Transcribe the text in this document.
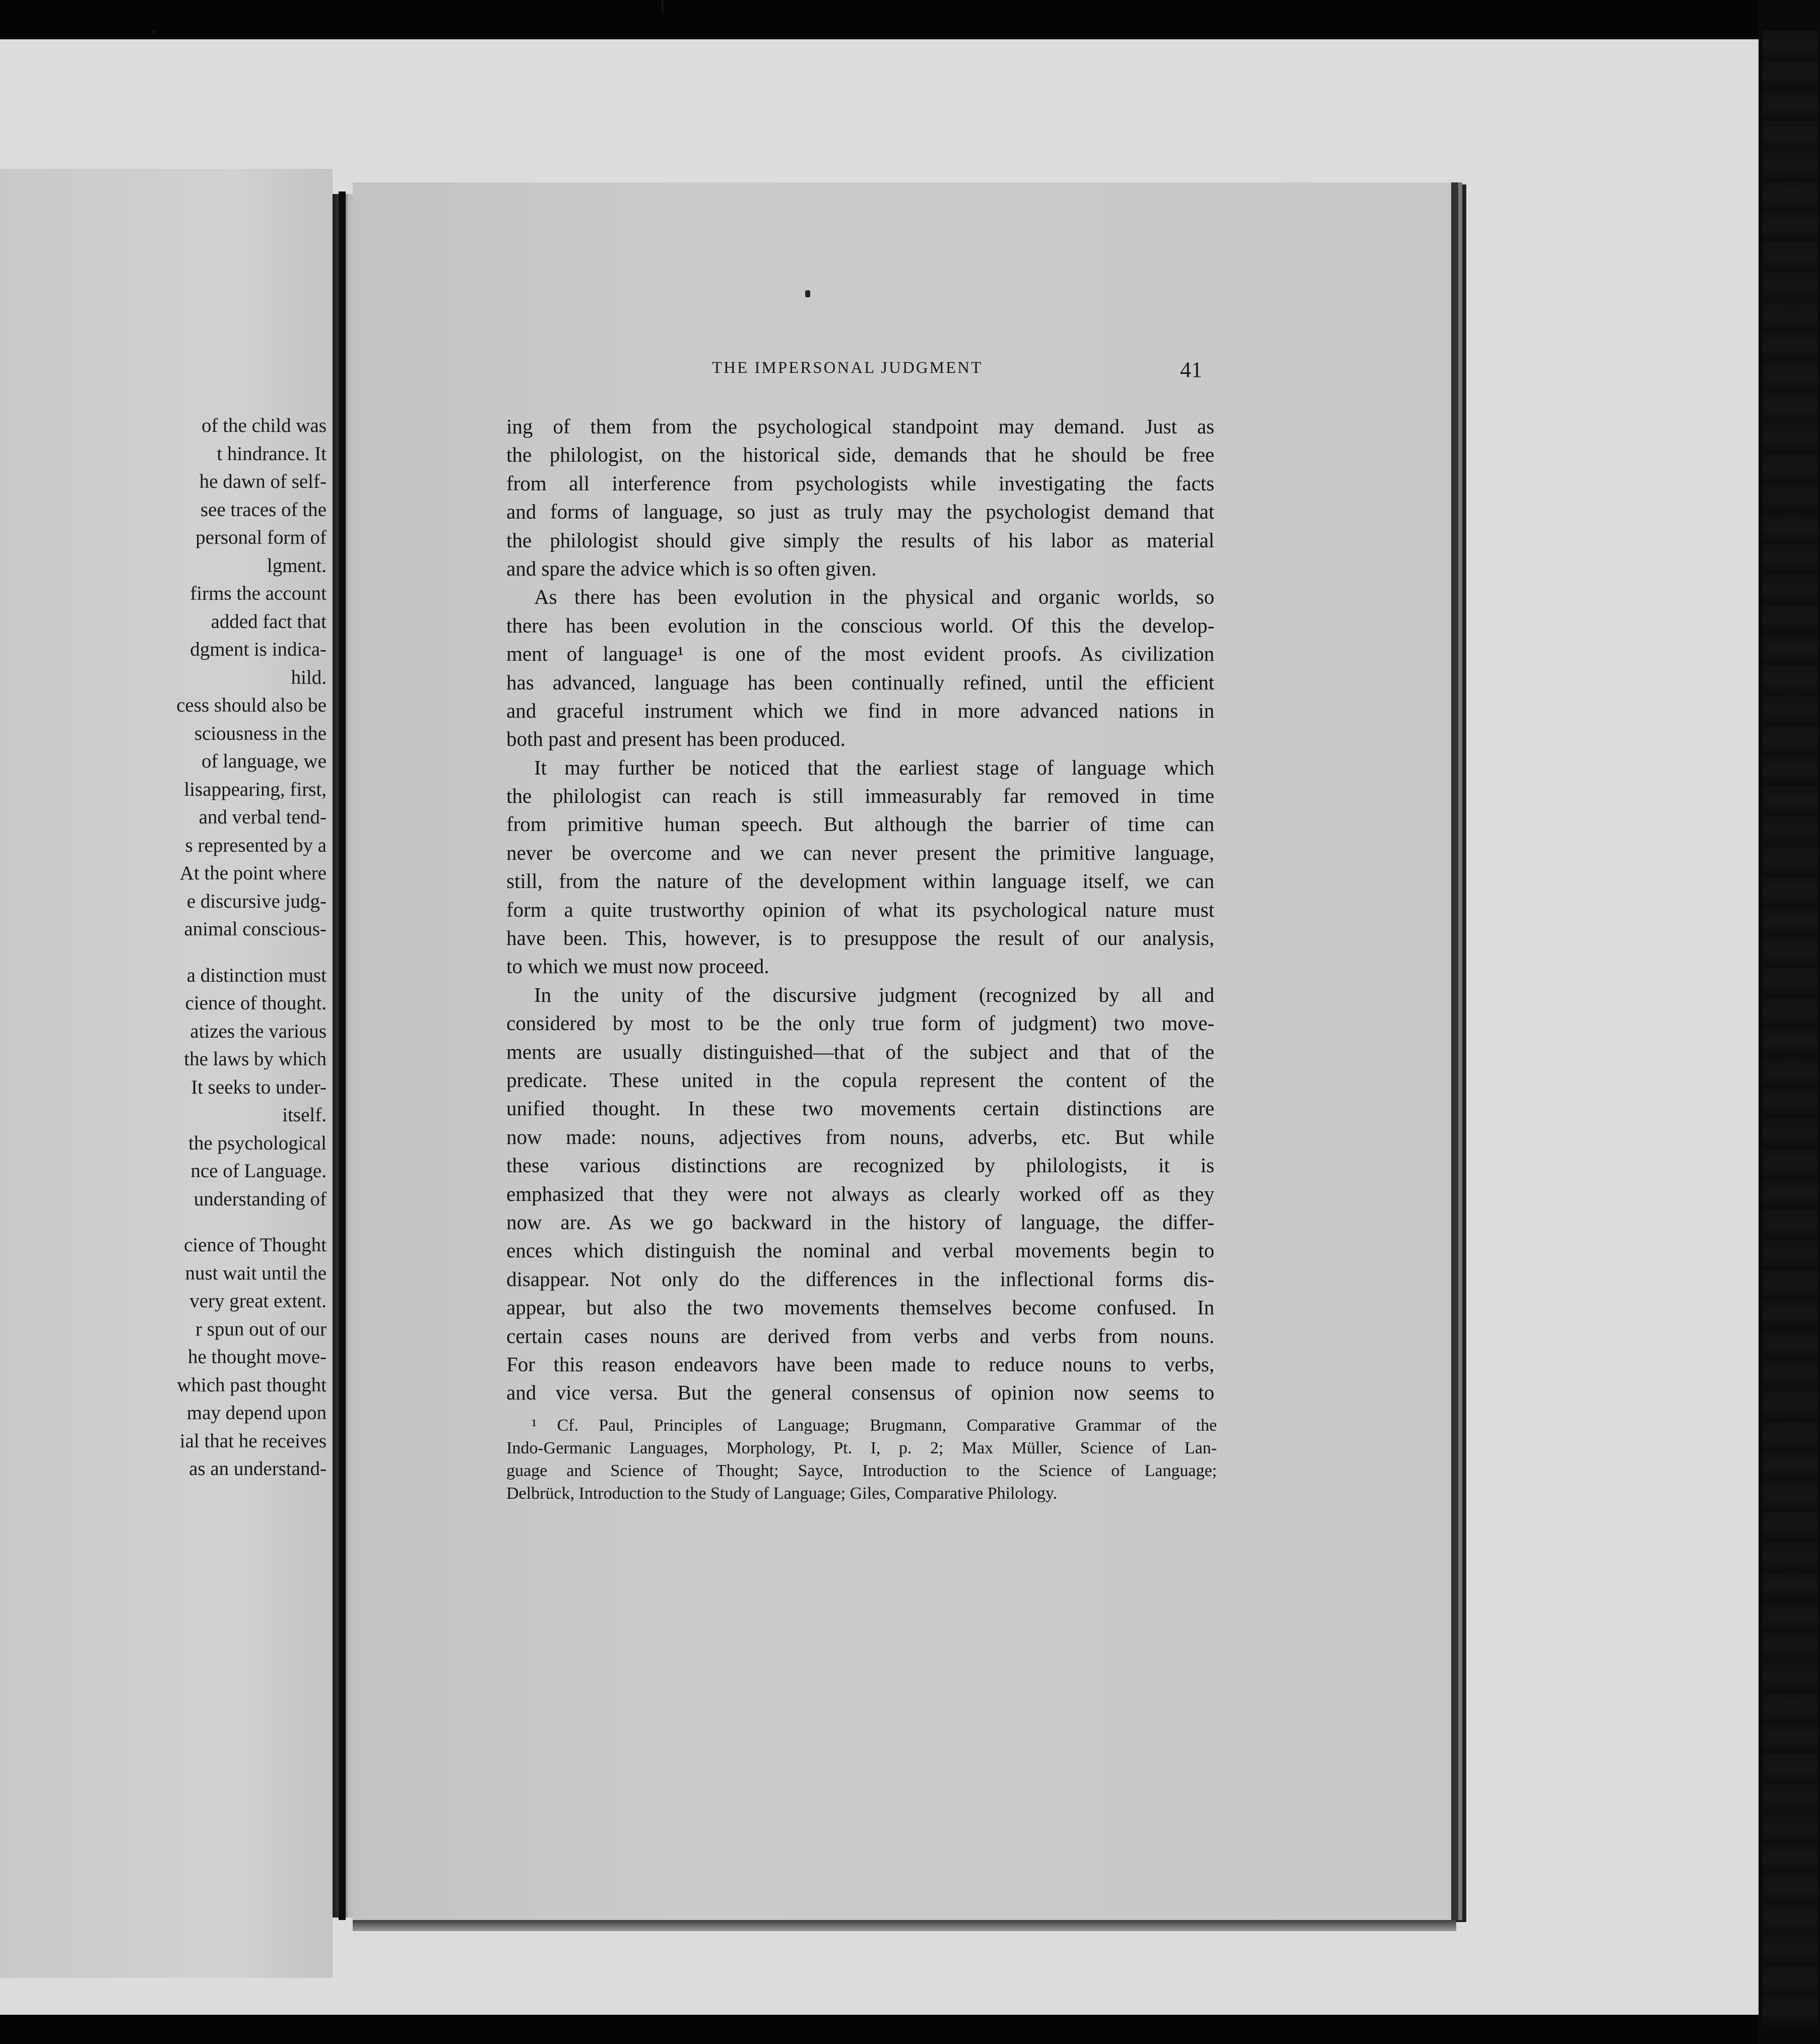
of the child was
t hindrance. It
he dawn of self-
see traces of the
personal form of
lgment.
firms the account
added fact that
dgment is indica-
hild.
cess should also be
sciousness in the
of language, we
lisappearing, first,
and verbal tend-
s represented by a
At the point where
e discursive judg-
animal conscious-
a distinction must
cience of thought.
atizes the various
the laws by which
It seeks to under-
itself.
the psychological
nce of Language.
understanding of
cience of Thought
nust wait until the
very great extent.
r spun out of our
he thought move-
which past thought
may depend upon
ial that he receives
as an understand-
THE IMPERSONAL JUDGMENT	41
ing of them from the psychological standpoint may demand. Just as
the philologist, on the historical side, demands that he should be free
from all interference from psychologists while investigating the facts
and forms of language, so just as truly may the psychologist demand that
the philologist should give simply the results of his labor as material
and spare the advice which is so often given.
As there has been evolution in the physical and organic worlds, so
there has been evolution in the conscious world. Of this the develop-
ment of language¹ is one of the most evident proofs. As civilization
has advanced, language has been continually refined, until the efficient
and graceful instrument which we find in more advanced nations in
both past and present has been produced.
It may further be noticed that the earliest stage of language which
the philologist can reach is still immeasurably far removed in time
from primitive human speech. But although the barrier of time can
never be overcome and we can never present the primitive language,
still, from the nature of the development within language itself, we can
form a quite trustworthy opinion of what its psychological nature must
have been. This, however, is to presuppose the result of our analysis,
to which we must now proceed.
In the unity of the discursive judgment (recognized by all and
considered by most to be the only true form of judgment) two move-
ments are usually distinguished—that of the subject and that of the
predicate. These united in the copula represent the content of the
unified thought. In these two movements certain distinctions are
now made: nouns, adjectives from nouns, adverbs, etc. But while
these various distinctions are recognized by philologists, it is
emphasized that they were not always as clearly worked off as they
now are. As we go backward in the history of language, the differ-
ences which distinguish the nominal and verbal movements begin to
disappear. Not only do the differences in the inflectional forms dis-
appear, but also the two movements themselves become confused. In
certain cases nouns are derived from verbs and verbs from nouns.
For this reason endeavors have been made to reduce nouns to verbs,
and vice versa. But the general consensus of opinion now seems to
¹ Cf. Paul, Principles of Language; Brugmann, Comparative Grammar of the
Indo-Germanic Languages, Morphology, Pt. I, p. 2; Max Müller, Science of Lan-
guage and Science of Thought; Sayce, Introduction to the Science of Language;
Delbrück, Introduction to the Study of Language; Giles, Comparative Philology.
